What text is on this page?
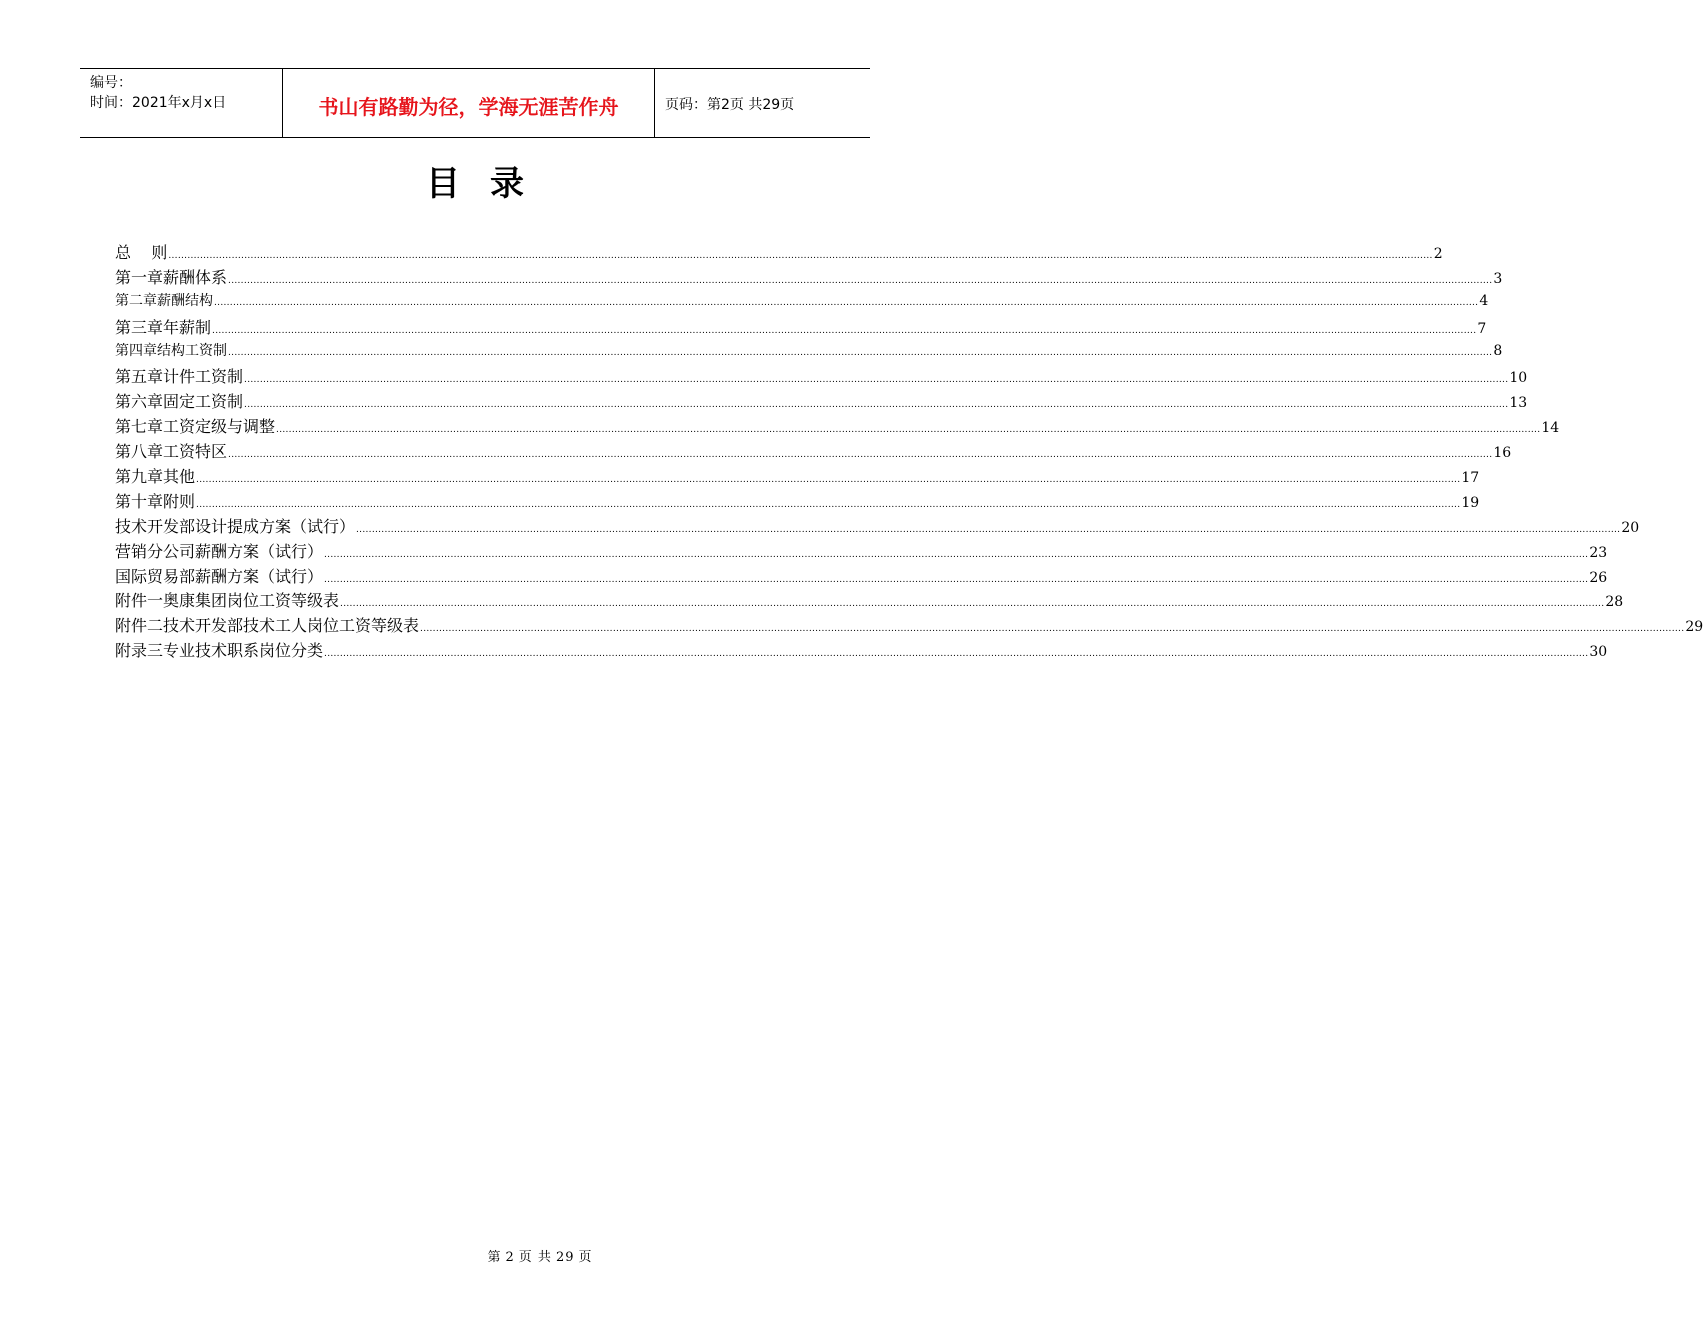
编号：
时间：2021年x月x日	书山有路勤为径，学海无涯苦作舟	页码：第2页 共29页
目录
总    则 ................................................................................................................................................................................................................................................................................................................................................................................................................ 2
第一章 薪酬体系 ................................................................................................................................................................................................................................................................................................................................................................................................................ 3
第二章 薪酬结构 ................................................................................................................................................................................................................................................................................................................................................................................................................ 4
第三章 年薪制 ................................................................................................................................................................................................................................................................................................................................................................................................................ 7
第四章 结构工资制 ................................................................................................................................................................................................................................................................................................................................................................................................................ 8
第五章 计件工资制 ................................................................................................................................................................................................................................................................................................................................................................................................................ 10
第六章 固定工资制 ................................................................................................................................................................................................................................................................................................................................................................................................................ 13
第七章 工资定级与调整 ................................................................................................................................................................................................................................................................................................................................................................................................................ 14
第八章 工资特区 ................................................................................................................................................................................................................................................................................................................................................................................................................ 16
第九章 其他 ................................................................................................................................................................................................................................................................................................................................................................................................................ 17
第十章 附则 ................................................................................................................................................................................................................................................................................................................................................................................................................ 19
技术开发部设计提成方案（试行） ................................................................................................................................................................................................................................................................................................................................................................................................................ 20
营销分公司薪酬方案（试行） ................................................................................................................................................................................................................................................................................................................................................................................................................ 23
国际贸易部薪酬方案（试行） ................................................................................................................................................................................................................................................................................................................................................................................................................ 26
附件一 奥康集团岗位工资等级表 ................................................................................................................................................................................................................................................................................................................................................................................................................ 28
附件二 技术开发部技术工人岗位工资等级表 ................................................................................................................................................................................................................................................................................................................................................................................................................ 29
附录三 专业技术职系岗位分类 ................................................................................................................................................................................................................................................................................................................................................................................................................ 30
第 2 页 共 29 页
